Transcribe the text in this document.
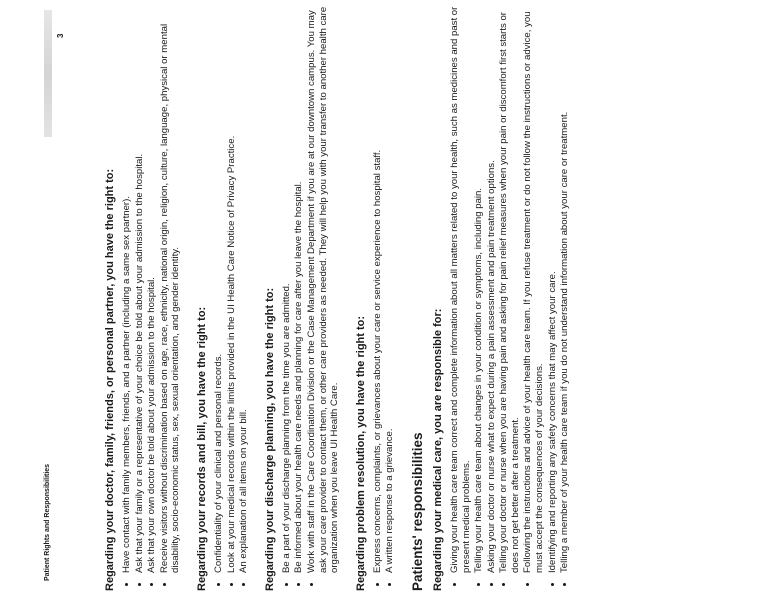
Patient Rights and Responsibilities
3

Regarding your doctor, family, friends, or personal partner, you have the right to: Have contact with family members, friends, and a partner (including a same sex partner). Ask that your family or a representative of your choice be told about your admission to the hospital. Ask that your own doctor be told about your admission to the hospital. Receive visitors without discrimination based on age, race, ethnicity, national origin, religion, culture, language, physical or mental disability, socio-economic status, sex, sexual orientation, and gender identity. Regarding your records and bill, you have the right to: Confidentiality of your clinical and personal records. Look at your medical records within the limits provided in the UI Health Care Notice of Privacy Practice. An explanation of all items on your bill. Regarding your discharge planning, you have the right to: Be a part of your discharge planning from the time you are admitted. Be informed about your health care needs and planning for care after you leave the hospital. Work with staff in the Care Coordination Division or the Case Management Department if you are at our downtown campus. You may ask your care provider to contact them, or other care providers as needed. They will help you with your transfer to another health care organization when you leave UI Health Care. Regarding problem resolution, you have the right to: Express concerns, complaints, or grievances about your care or service experience to hospital staff. A written response to a grievance. Patients' responsibilities Regarding your medical care, you are responsible for: Giving your health care team correct and complete information about all matters related to your health, such as medicines and past or present medical problems. Telling your health care team about changes in your condition or symptoms, including pain. Asking your doctor or nurse what to expect during a pain assessment and pain treatment options. Telling your doctor or nurse when you are having pain and asking for pain relief measures when your pain or discomfort first starts or does not get better after a treatment. Following the instructions and advice of your health care team. If you refuse treatment or do not follow the instructions or advice, you must accept the consequences of your decisions. Identifying and reporting any safety concerns that may affect your care. Telling a member of your health care team if you do not understand information about your care or treatment.
